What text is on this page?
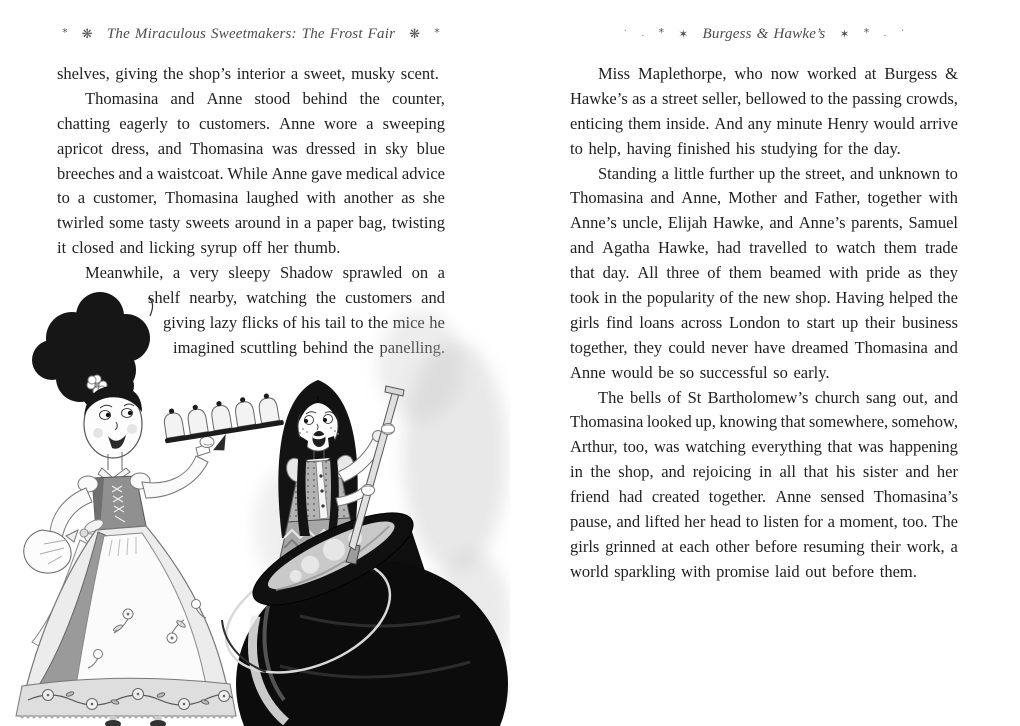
* ❋ The Miraculous Sweetmakers: The Frost Fair ❋ *	· · * ✶ Burgess & Hawke’s ✶ * · ·
shelves, giving the shop’s interior a sweet, musky scent.
Thomasina and Anne stood behind the counter,
chatting eagerly to customers. Anne wore a sweeping
apricot dress, and Thomasina was dressed in sky blue
breeches and a waistcoat. While Anne gave medical advice
to a customer, Thomasina laughed with another as she
twirled some tasty sweets around in a paper bag, twisting
it closed and licking syrup off her thumb.
Meanwhile, a very sleepy Shadow sprawled on a
shelf nearby, watching the customers and
giving lazy flicks of his tail to the mice he
imagined scuttling behind the panelling.
Miss Maplethorpe, who now worked at Burgess &
Hawke’s as a street seller, bellowed to the passing crowds,
enticing them inside. And any minute Henry would arrive
to help, having finished his studying for the day.
Standing a little further up the street, and unknown to
Thomasina and Anne, Mother and Father, together with
Anne’s uncle, Elijah Hawke, and Anne’s parents, Samuel
and Agatha Hawke, had travelled to watch them trade
that day. All three of them beamed with pride as they
took in the popularity of the new shop. Having helped the
girls find loans across London to start up their business
together, they could never have dreamed Thomasina and
Anne would be so successful so early.
The bells of St Bartholomew’s church sang out, and
Thomasina looked up, knowing that somewhere, somehow,
Arthur, too, was watching everything that was happening
in the shop, and rejoicing in all that his sister and her
friend had created together. Anne sensed Thomasina’s
pause, and lifted her head to listen for a moment, too. The
girls grinned at each other before resuming their work, a
world sparkling with promise laid out before them.
